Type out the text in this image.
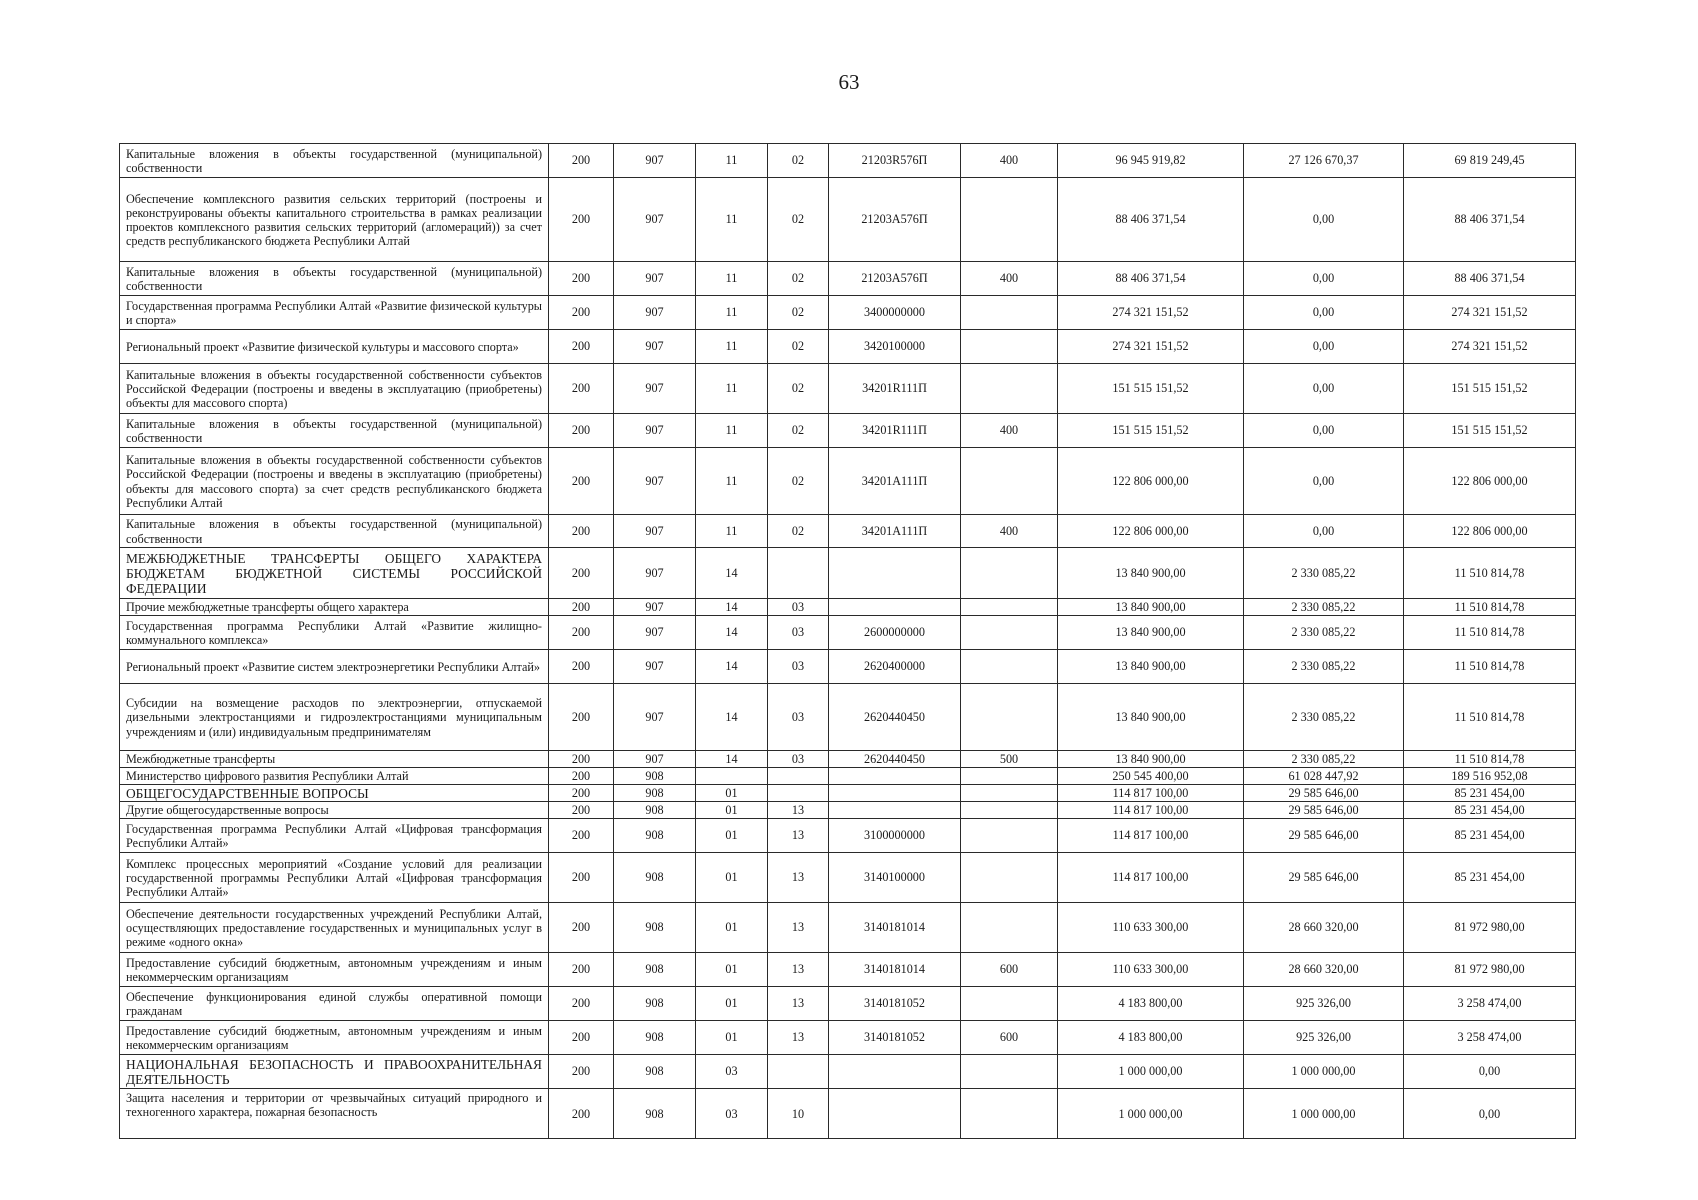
63
Капитальные вложения в объекты государственной (муниципальной) собственности	200	907	11	02	21203R576П	400	96 945 919,82	27 126 670,37	69 819 249,45
Обеспечение комплексного развития сельских территорий (построены и реконструированы объекты капитального строительства в рамках реализации проектов комплексного развития сельских территорий (агломераций)) за счет средств республиканского бюджета Республики Алтай	200	907	11	02	21203А576П		88 406 371,54	0,00	88 406 371,54
Капитальные вложения в объекты государственной (муниципальной) собственности	200	907	11	02	21203А576П	400	88 406 371,54	0,00	88 406 371,54
Государственная программа Республики Алтай «Развитие физической культуры и спорта»	200	907	11	02	3400000000		274 321 151,52	0,00	274 321 151,52
Региональный проект «Развитие физической культуры и массового спорта»	200	907	11	02	3420100000		274 321 151,52	0,00	274 321 151,52
Капитальные вложения в объекты государственной собственности субъектов Российской Федерации (построены и введены в эксплуатацию (приобретены) объекты для массового спорта)	200	907	11	02	34201R111П		151 515 151,52	0,00	151 515 151,52
Капитальные вложения в объекты государственной (муниципальной) собственности	200	907	11	02	34201R111П	400	151 515 151,52	0,00	151 515 151,52
Капитальные вложения в объекты государственной собственности субъектов Российской Федерации (построены и введены в эксплуатацию (приобретены) объекты для массового спорта) за счет средств республиканского бюджета Республики Алтай	200	907	11	02	34201А111П		122 806 000,00	0,00	122 806 000,00
Капитальные вложения в объекты государственной (муниципальной) собственности	200	907	11	02	34201А111П	400	122 806 000,00	0,00	122 806 000,00
МЕЖБЮДЖЕТНЫЕ ТРАНСФЕРТЫ ОБЩЕГО ХАРАКТЕРА БЮДЖЕТАМ БЮДЖЕТНОЙ СИСТЕМЫ РОССИЙСКОЙ ФЕДЕРАЦИИ	200	907	14				13 840 900,00	2 330 085,22	11 510 814,78
Прочие межбюджетные трансферты общего характера	200	907	14	03			13 840 900,00	2 330 085,22	11 510 814,78
Государственная программа Республики Алтай «Развитие жилищно-коммунального комплекса»	200	907	14	03	2600000000		13 840 900,00	2 330 085,22	11 510 814,78
Региональный проект «Развитие систем электроэнергетики Республики Алтай»	200	907	14	03	2620400000		13 840 900,00	2 330 085,22	11 510 814,78
Субсидии на возмещение расходов по электроэнергии, отпускаемой дизельными электростанциями и гидроэлектростанциями муниципальным учреждениям и (или) индивидуальным предпринимателям	200	907	14	03	2620440450		13 840 900,00	2 330 085,22	11 510 814,78
Межбюджетные трансферты	200	907	14	03	2620440450	500	13 840 900,00	2 330 085,22	11 510 814,78
Министерство цифрового развития Республики Алтай	200	908					250 545 400,00	61 028 447,92	189 516 952,08
ОБЩЕГОСУДАРСТВЕННЫЕ ВОПРОСЫ	200	908	01				114 817 100,00	29 585 646,00	85 231 454,00
Другие общегосударственные вопросы	200	908	01	13			114 817 100,00	29 585 646,00	85 231 454,00
Государственная программа Республики Алтай «Цифровая трансформация Республики Алтай»	200	908	01	13	3100000000		114 817 100,00	29 585 646,00	85 231 454,00
Комплекс процессных мероприятий «Создание условий для реализации государственной программы Республики Алтай «Цифровая трансформация Республики Алтай»	200	908	01	13	3140100000		114 817 100,00	29 585 646,00	85 231 454,00
Обеспечение деятельности государственных учреждений Республики Алтай, осуществляющих предоставление государственных и муниципальных услуг в режиме «одного окна»	200	908	01	13	3140181014		110 633 300,00	28 660 320,00	81 972 980,00
Предоставление субсидий бюджетным, автономным учреждениям и иным некоммерческим организациям	200	908	01	13	3140181014	600	110 633 300,00	28 660 320,00	81 972 980,00
Обеспечение функционирования единой службы оперативной помощи гражданам	200	908	01	13	3140181052		4 183 800,00	925 326,00	3 258 474,00
Предоставление субсидий бюджетным, автономным учреждениям и иным некоммерческим организациям	200	908	01	13	3140181052	600	4 183 800,00	925 326,00	3 258 474,00
НАЦИОНАЛЬНАЯ БЕЗОПАСНОСТЬ И ПРАВООХРАНИТЕЛЬНАЯ ДЕЯТЕЛЬНОСТЬ	200	908	03				1 000 000,00	1 000 000,00	0,00
Защита населения и территории от чрезвычайных ситуаций природного и техногенного характера, пожарная безопасность	200	908	03	10			1 000 000,00	1 000 000,00	0,00
